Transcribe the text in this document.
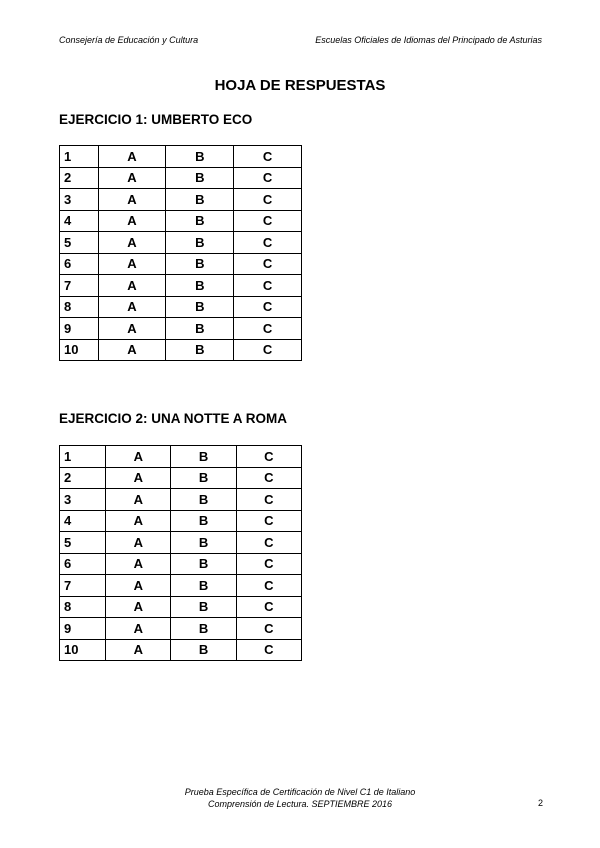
Consejería de Educación y Cultura	Escuelas Oficiales de Idiomas del Principado de Asturias
HOJA DE RESPUESTAS
EJERCICIO 1: UMBERTO ECO
1	A	B	C
2	A	B	C
3	A	B	C
4	A	B	C
5	A	B	C
6	A	B	C
7	A	B	C
8	A	B	C
9	A	B	C
10	A	B	C
EJERCICIO 2: UNA NOTTE A ROMA
1	A	B	C
2	A	B	C
3	A	B	C
4	A	B	C
5	A	B	C
6	A	B	C
7	A	B	C
8	A	B	C
9	A	B	C
10	A	B	C
Prueba Específica de Certificación de Nivel C1 de Italiano
Comprensión de Lectura. SEPTIEMBRE 2016	2
